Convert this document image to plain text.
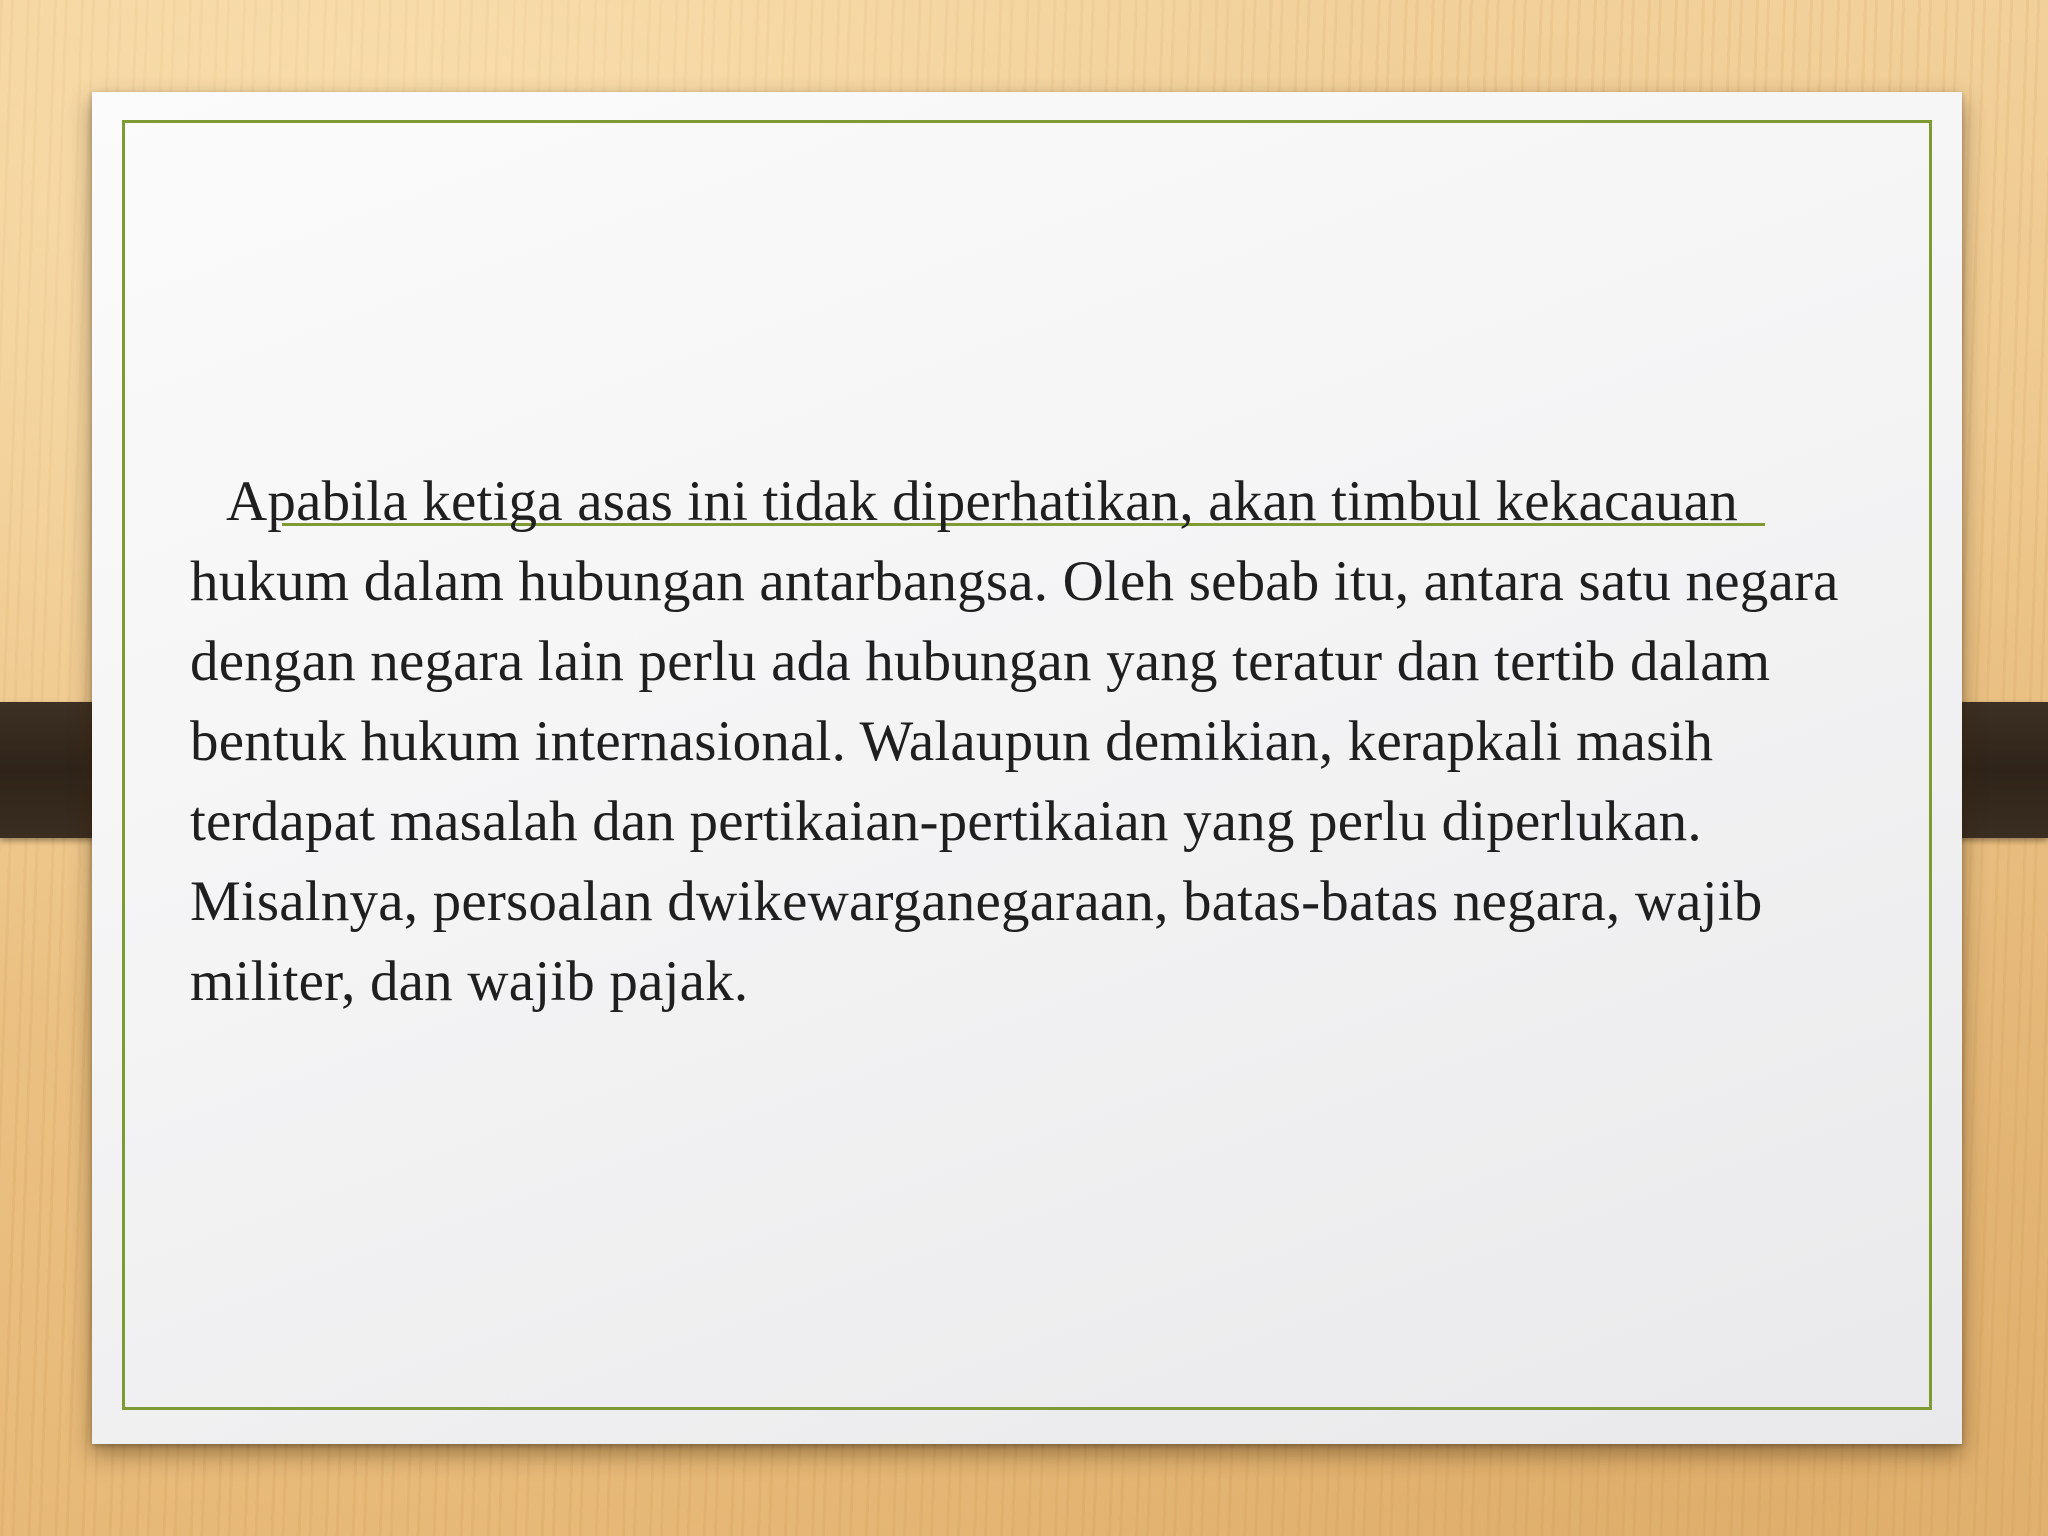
Apabila ketiga asas ini tidak diperhatikan, akan timbul kekacauan hukum dalam hubungan antarbangsa. Oleh sebab itu, antara satu negara dengan negara lain perlu ada hubungan yang teratur dan tertib dalam bentuk hukum internasional. Walaupun demikian, kerapkali masih terdapat masalah dan pertikaian-pertikaian yang perlu diperlukan. Misalnya, persoalan dwikewarganegaraan, batas-batas negara, wajib militer, dan wajib pajak.
